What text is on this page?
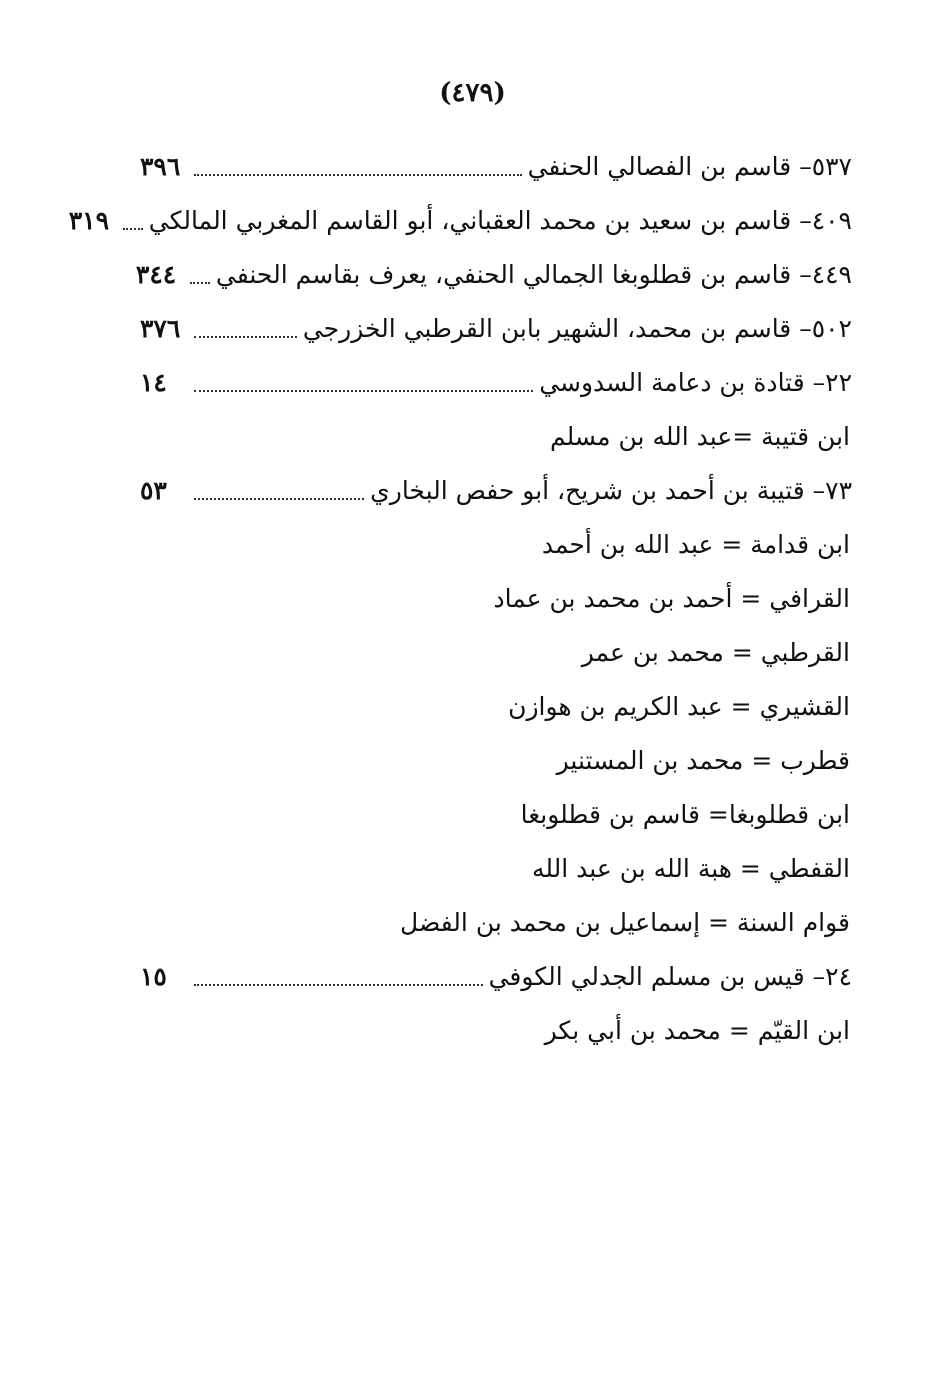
(٤٧٩)
٥٣٧– قاسم بن الفصالي الحنفي
٣٩٦
٤٠٩– قاسم بن سعيد بن محمد العقباني، أبو القاسم المغربي المالكي
٣١٩
٤٤٩– قاسم بن قطلوبغا الجمالي الحنفي، يعرف بقاسم الحنفي
٣٤٤
٥٠٢– قاسم بن محمد، الشهير بابن القرطبي الخزرجي
٣٧٦
٢٢– قتادة بن دعامة السدوسي
١٤
ابن قتيبة =عبد الله بن مسلم
٧٣– قتيبة بن أحمد بن شريح، أبو حفص البخاري
٥٣
ابن قدامة = عبد الله بن أحمد
القرافي = أحمد بن محمد بن عماد
القرطبي = محمد بن عمر
القشيري = عبد الكريم بن هوازن
قطرب = محمد بن المستنير
ابن قطلوبغا= قاسم بن قطلوبغا
القفطي = هبة الله بن عبد الله
قوام السنة = إسماعيل بن محمد بن الفضل
٢٤– قيس بن مسلم الجدلي الكوفي
١٥
ابن القيّم = محمد بن أبي بكر
